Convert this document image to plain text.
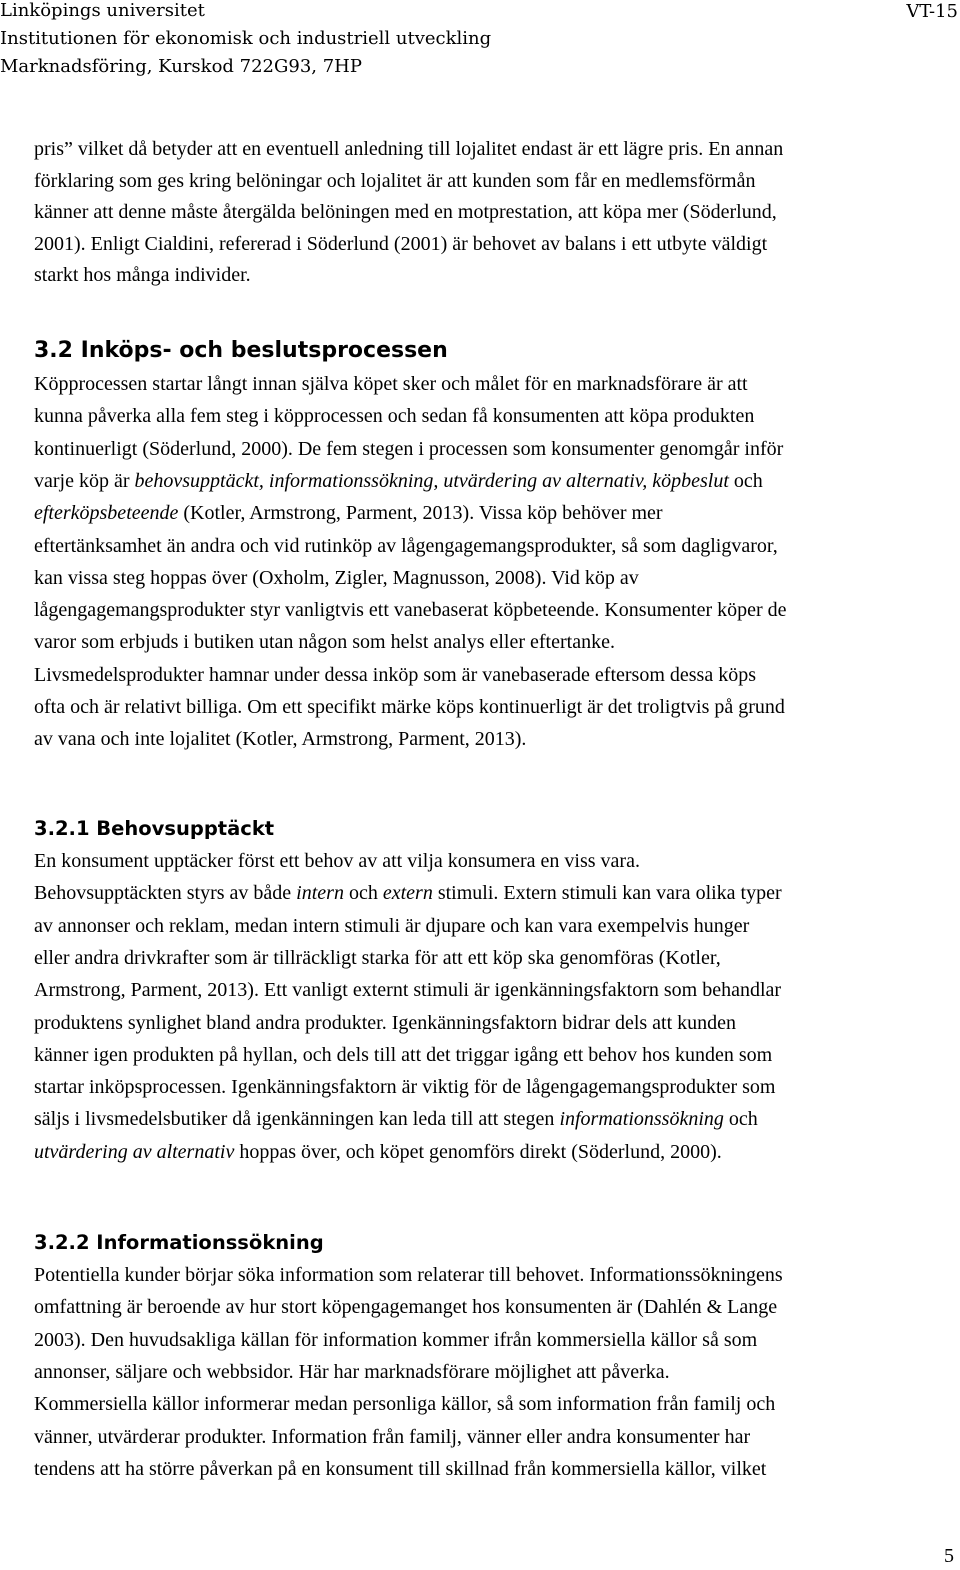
Linköpings universitet
Institutionen för ekonomisk och industriell utveckling
Marknadsföring, Kurskod 722G93, 7HP
VT-15
pris” vilket då betyder att en eventuell anledning till lojalitet endast är ett lägre pris. En annan
förklaring som ges kring belöningar och lojalitet är att kunden som får en medlemsförmån
känner att denne måste återgälda belöningen med en motprestation, att köpa mer (Söderlund,
2001). Enligt Cialdini, refererad i Söderlund (2001) är behovet av balans i ett utbyte väldigt
starkt hos många individer.
3.2 Inköps- och beslutsprocessen
Köpprocessen startar långt innan själva köpet sker och målet för en marknadsförare är att
kunna påverka alla fem steg i köpprocessen och sedan få konsumenten att köpa produkten
kontinuerligt (Söderlund, 2000). De fem stegen i processen som konsumenter genomgår inför
varje köp är behovsupptäckt, informationssökning, utvärdering av alternativ, köpbeslut och
efterköpsbeteende (Kotler, Armstrong, Parment, 2013). Vissa köp behöver mer
eftertänksamhet än andra och vid rutinköp av lågengagemangsprodukter, så som dagligvaror,
kan vissa steg hoppas över (Oxholm, Zigler, Magnusson, 2008). Vid köp av
lågengagemangsprodukter styr vanligtvis ett vanebaserat köpbeteende. Konsumenter köper de
varor som erbjuds i butiken utan någon som helst analys eller eftertanke.
Livsmedelsprodukter hamnar under dessa inköp som är vanebaserade eftersom dessa köps
ofta och är relativt billiga. Om ett specifikt märke köps kontinuerligt är det troligtvis på grund
av vana och inte lojalitet (Kotler, Armstrong, Parment, 2013).
3.2.1 Behovsupptäckt
En konsument upptäcker först ett behov av att vilja konsumera en viss vara.
Behovsupptäckten styrs av både intern och extern stimuli. Extern stimuli kan vara olika typer
av annonser och reklam, medan intern stimuli är djupare och kan vara exempelvis hunger
eller andra drivkrafter som är tillräckligt starka för att ett köp ska genomföras (Kotler,
Armstrong, Parment, 2013). Ett vanligt externt stimuli är igenkänningsfaktorn som behandlar
produktens synlighet bland andra produkter. Igenkänningsfaktorn bidrar dels att kunden
känner igen produkten på hyllan, och dels till att det triggar igång ett behov hos kunden som
startar inköpsprocessen. Igenkänningsfaktorn är viktig för de lågengagemangsprodukter som
säljs i livsmedelsbutiker då igenkänningen kan leda till att stegen informationssökning och
utvärdering av alternativ hoppas över, och köpet genomförs direkt (Söderlund, 2000).
3.2.2 Informationssökning
Potentiella kunder börjar söka information som relaterar till behovet. Informationssökningens
omfattning är beroende av hur stort köpengagemanget hos konsumenten är (Dahlén & Lange
2003). Den huvudsakliga källan för information kommer ifrån kommersiella källor så som
annonser, säljare och webbsidor. Här har marknadsförare möjlighet att påverka.
Kommersiella källor informerar medan personliga källor, så som information från familj och
vänner, utvärderar produkter. Information från familj, vänner eller andra konsumenter har
tendens att ha större påverkan på en konsument till skillnad från kommersiella källor, vilket
5
